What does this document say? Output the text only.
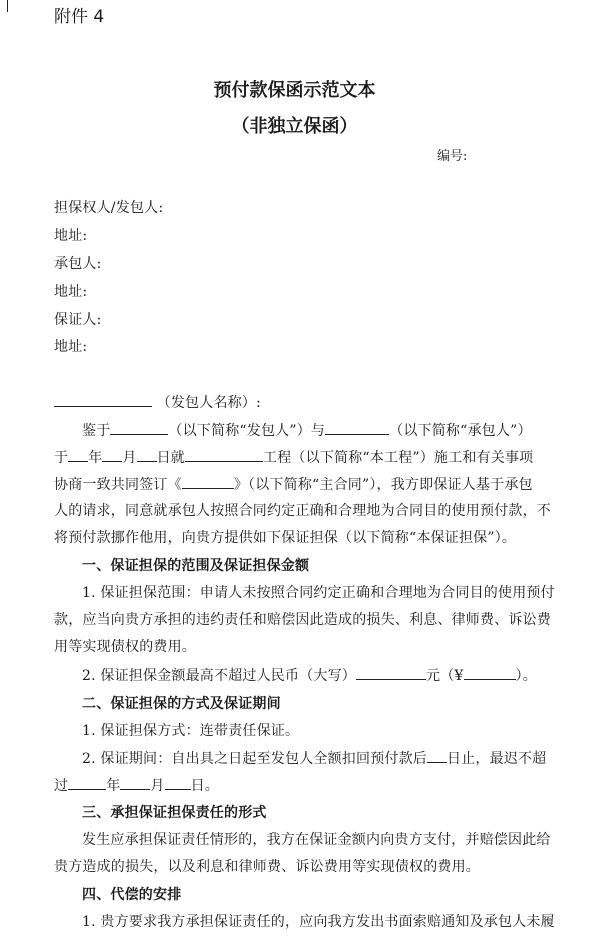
附件 4
预付款保函示范文本
（非独立保函）
编号:
担保权人/发包人:
地址:
承包人:
地址:
保证人:
地址:
（发包人名称）:
鉴于	（以下简称“发包人”）与	（以下简称“承包人”）
于 年 月 日就	工程（以下简称“本工程”）施工和有关事项
协商一致共同签订《	》（以下简称“主合同”），我方即保证人基于承包
人的请求，同意就承包人按照合同约定正确和合理地为合同目的使用预付款，不
将预付款挪作他用，向贵方提供如下保证担保（以下简称“本保证担保”）。
一、保证担保的范围及保证担保金额
1. 保证担保范围：申请人未按照合同约定正确和合理地为合同目的使用预付
款，应当向贵方承担的违约责任和赔偿因此造成的损失、利息、律师费、诉讼费
用等实现债权的费用。
2. 保证担保金额最高不超过人民币（大写）	元（¥	）。
二、保证担保的方式及保证期间
1. 保证担保方式：连带责任保证。
2. 保证期间：自出具之日起至发包人全额扣回预付款后 日止，最迟不超
过	年 月 日。
三、承担保证担保责任的形式
发生应承担保证责任情形的，我方在保证金额内向贵方支付，并赔偿因此给
贵方造成的损失，以及利息和律师费、诉讼费用等实现债权的费用。
四、代偿的安排
1. 贵方要求我方承担保证责任的，应向我方发出书面索赔通知及承包人未履
